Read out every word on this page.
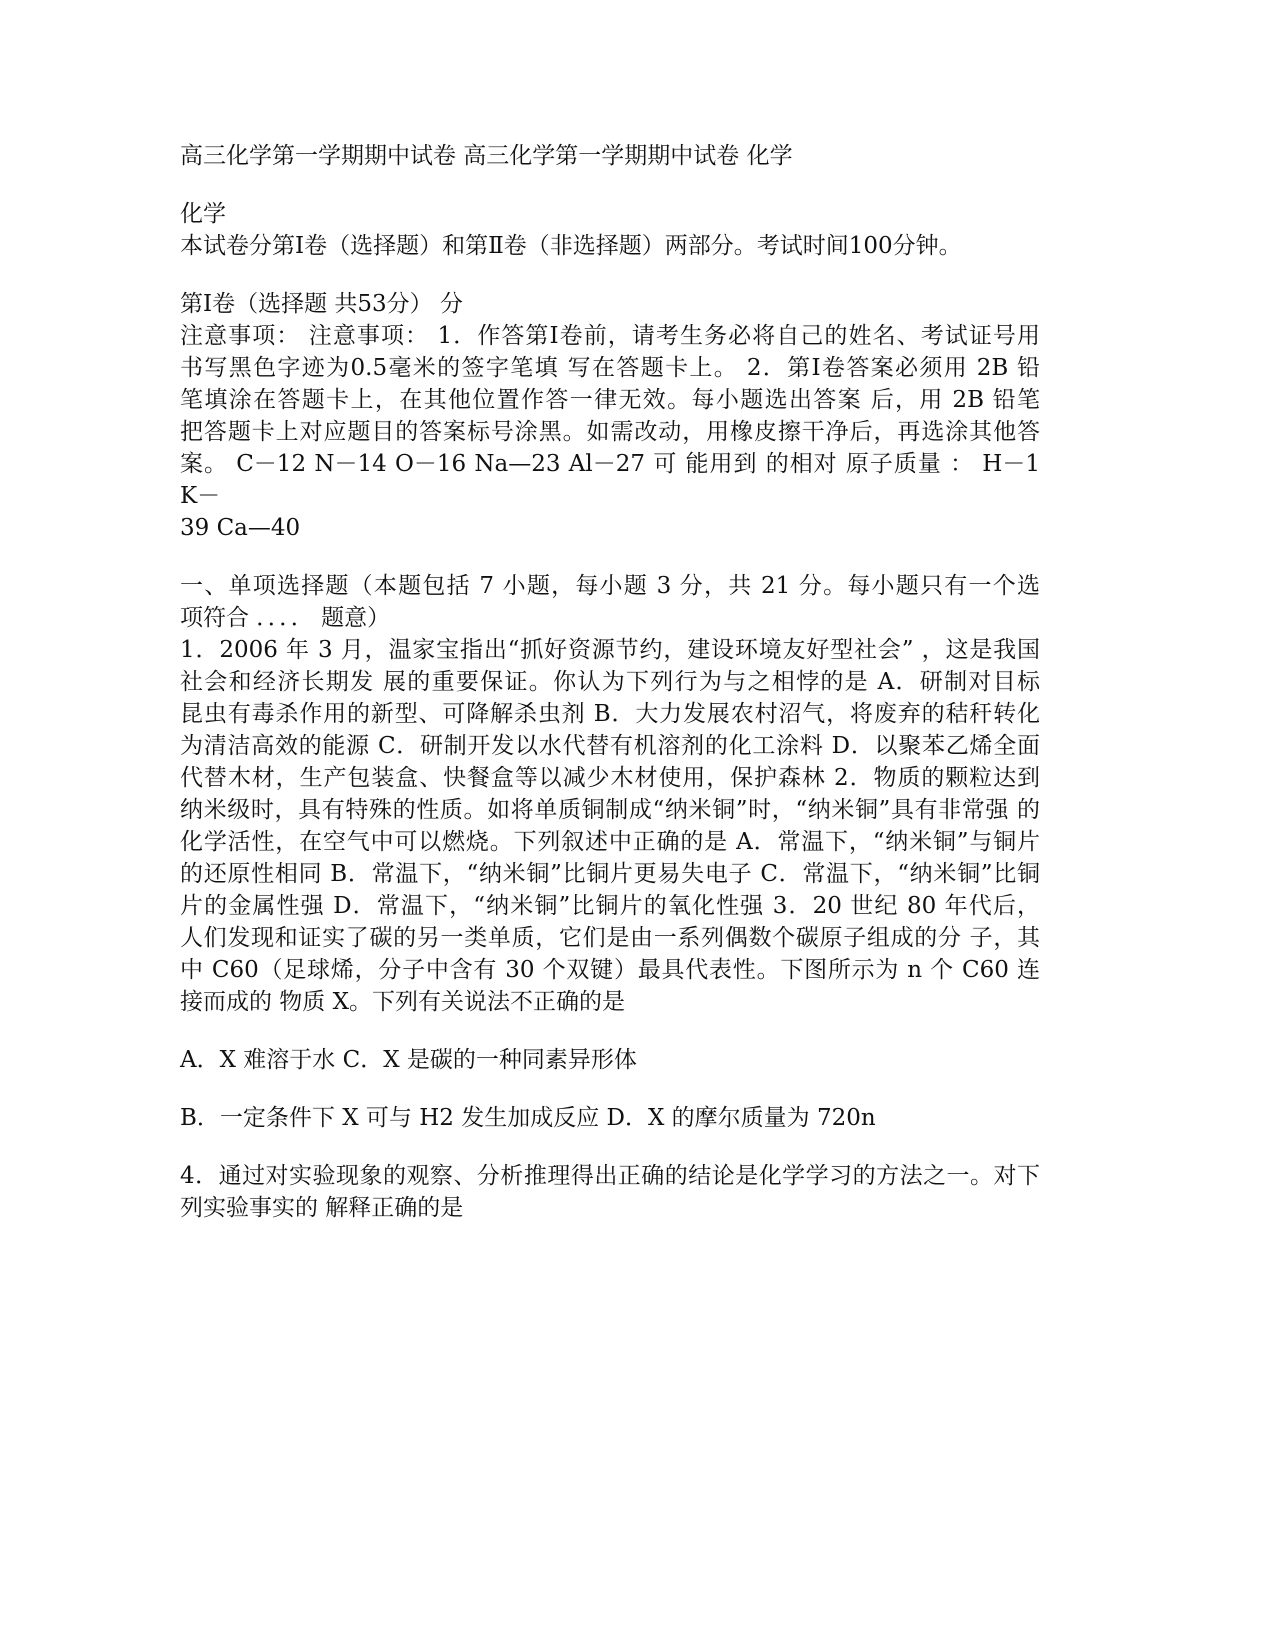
高三化学第一学期期中试卷 高三化学第一学期期中试卷 化学

化学

本试卷分第Ⅰ卷（选择题）和第Ⅱ卷（非选择题）两部分。考试时间100分钟。

第Ⅰ卷（选择题 共53分） 分

注意事项： 注意事项： 1．作答第Ⅰ卷前，请考生务必将自己的姓名、考试证号用

书写黑色字迹为0.5毫米的签字笔填 写在答题卡上。 2．第Ⅰ卷答案必须用 2B 铅

笔填涂在答题卡上，在其他位置作答一律无效。每小题选出答案 后，用 2B 铅笔

把答题卡上对应题目的答案标号涂黑。如需改动，用橡皮擦干净后，再选涂其他答

案。 C－12 N－14 O－16 Na—23 Al－27 可 能用到 的相对 原子质量 ： H－1 K－

39 Ca—40

一、单项选择题（本题包括 7 小题，每小题 3 分，共 21 分。每小题只有一个选

项符合 ．．．． 题意）

1．2006 年 3 月，温家宝指出“抓好资源节约，建设环境友好型社会” ，这是我国

社会和经济长期发 展的重要保证。你认为下列行为与之相悖的是 A．研制对目标

昆虫有毒杀作用的新型、可降解杀虫剂 B．大力发展农村沼气，将废弃的秸秆转化

为清洁高效的能源 C．研制开发以水代替有机溶剂的化工涂料 D．以聚苯乙烯全面

代替木材，生产包装盒、快餐盒等以减少木材使用，保护森林 2．物质的颗粒达到

纳米级时，具有特殊的性质。如将单质铜制成“纳米铜”时，“纳米铜”具有非常强 的

化学活性，在空气中可以燃烧。下列叙述中正确的是 A．常温下，“纳米铜”与铜片

的还原性相同 B．常温下，“纳米铜”比铜片更易失电子 C．常温下，“纳米铜”比铜

片的金属性强 D．常温下，“纳米铜”比铜片的氧化性强 3．20 世纪 80 年代后，

人们发现和证实了碳的另一类单质，它们是由一系列偶数个碳原子组成的分 子，其

中 C60（足球烯，分子中含有 30 个双键）最具代表性。下图所示为 n 个 C60 连

接而成的 物质 X。下列有关说法不正确的是

A．X 难溶于水 C．X 是碳的一种同素异形体

B．一定条件下 X 可与 H2 发生加成反应 D．X 的摩尔质量为 720n

4．通过对实验现象的观察、分析推理得出正确的结论是化学学习的方法之一。对下

列实验事实的 解释正确的是
